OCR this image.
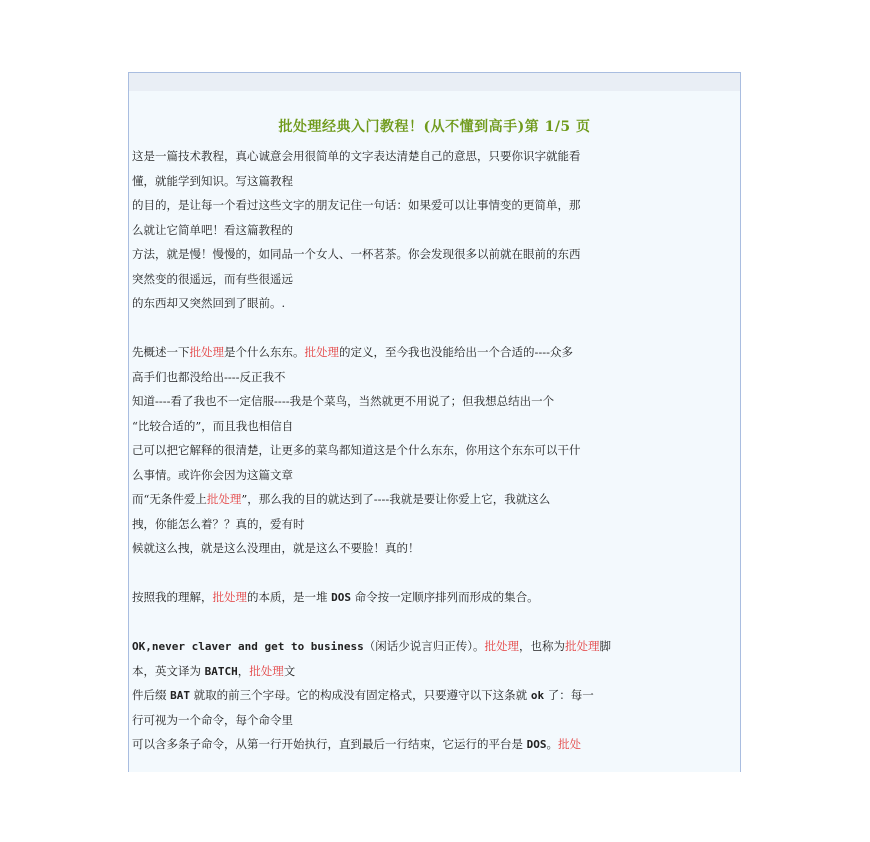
批处理经典入门教程！(从不懂到高手)第 1/5 页
这是一篇技术教程，真心诚意会用很简单的文字表达清楚自己的意思，只要你识字就能看
懂，就能学到知识。写这篇教程
的目的，是让每一个看过这些文字的朋友记住一句话：如果爱可以让事情变的更简单，那
么就让它简单吧！看这篇教程的
方法，就是慢！慢慢的，如同品一个女人、一杯茗茶。你会发现很多以前就在眼前的东西
突然变的很遥远，而有些很遥远
的东西却又突然回到了眼前。.
先概述一下批处理是个什么东东。批处理的定义，至今我也没能给出一个合适的----众多
高手们也都没给出----反正我不
知道----看了我也不一定信服----我是个菜鸟，当然就更不用说了；但我想总结出一个
“比较合适的”，而且我也相信自
己可以把它解释的很清楚，让更多的菜鸟都知道这是个什么东东，你用这个东东可以干什
么事情。或许你会因为这篇文章
而“无条件爱上批处理”，那么我的目的就达到了----我就是要让你爱上它，我就这么
拽，你能怎么着？？真的，爱有时
候就这么拽，就是这么没理由，就是这么不要脸！真的！
按照我的理解，批处理的本质，是一堆 DOS 命令按一定顺序排列而形成的集合。
OK,never claver and get to business（闲话少说言归正传）。批处理，也称为批处理脚
本，英文译为 BATCH，批处理文
件后缀 BAT 就取的前三个字母。它的构成没有固定格式，只要遵守以下这条就 ok 了：每一
行可视为一个命令，每个命令里
可以含多条子命令，从第一行开始执行，直到最后一行结束，它运行的平台是 DOS。批处
